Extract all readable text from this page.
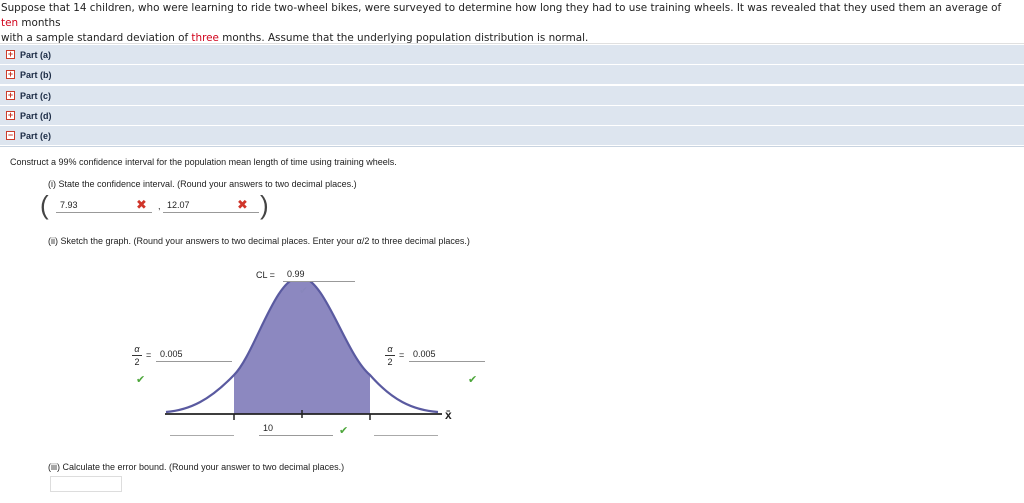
Suppose that 14 children, who were learning to ride two-wheel bikes, were surveyed to determine how long they had to use training wheels. It was revealed that they used them an average of ten months
with a sample standard deviation of three months. Assume that the underlying population distribution is normal.
+ Part (a)
+ Part (b)
+ Part (c)
+ Part (d)
− Part (e)
Construct a 99% confidence interval for the population mean length of time using training wheels.
(i) State the confidence interval. (Round your answers to two decimal places.)
(	7.93	✖ , 12.07	✖ )
(ii) Sketch the graph. (Round your answers to two decimal places. Enter your α/2 to three decimal places.)
CL =	0.99
α
2
= 0.005
✔
α
2
= 0.005
✔
x̄
10	✔
(iii) Calculate the error bound. (Round your answer to two decimal places.)
